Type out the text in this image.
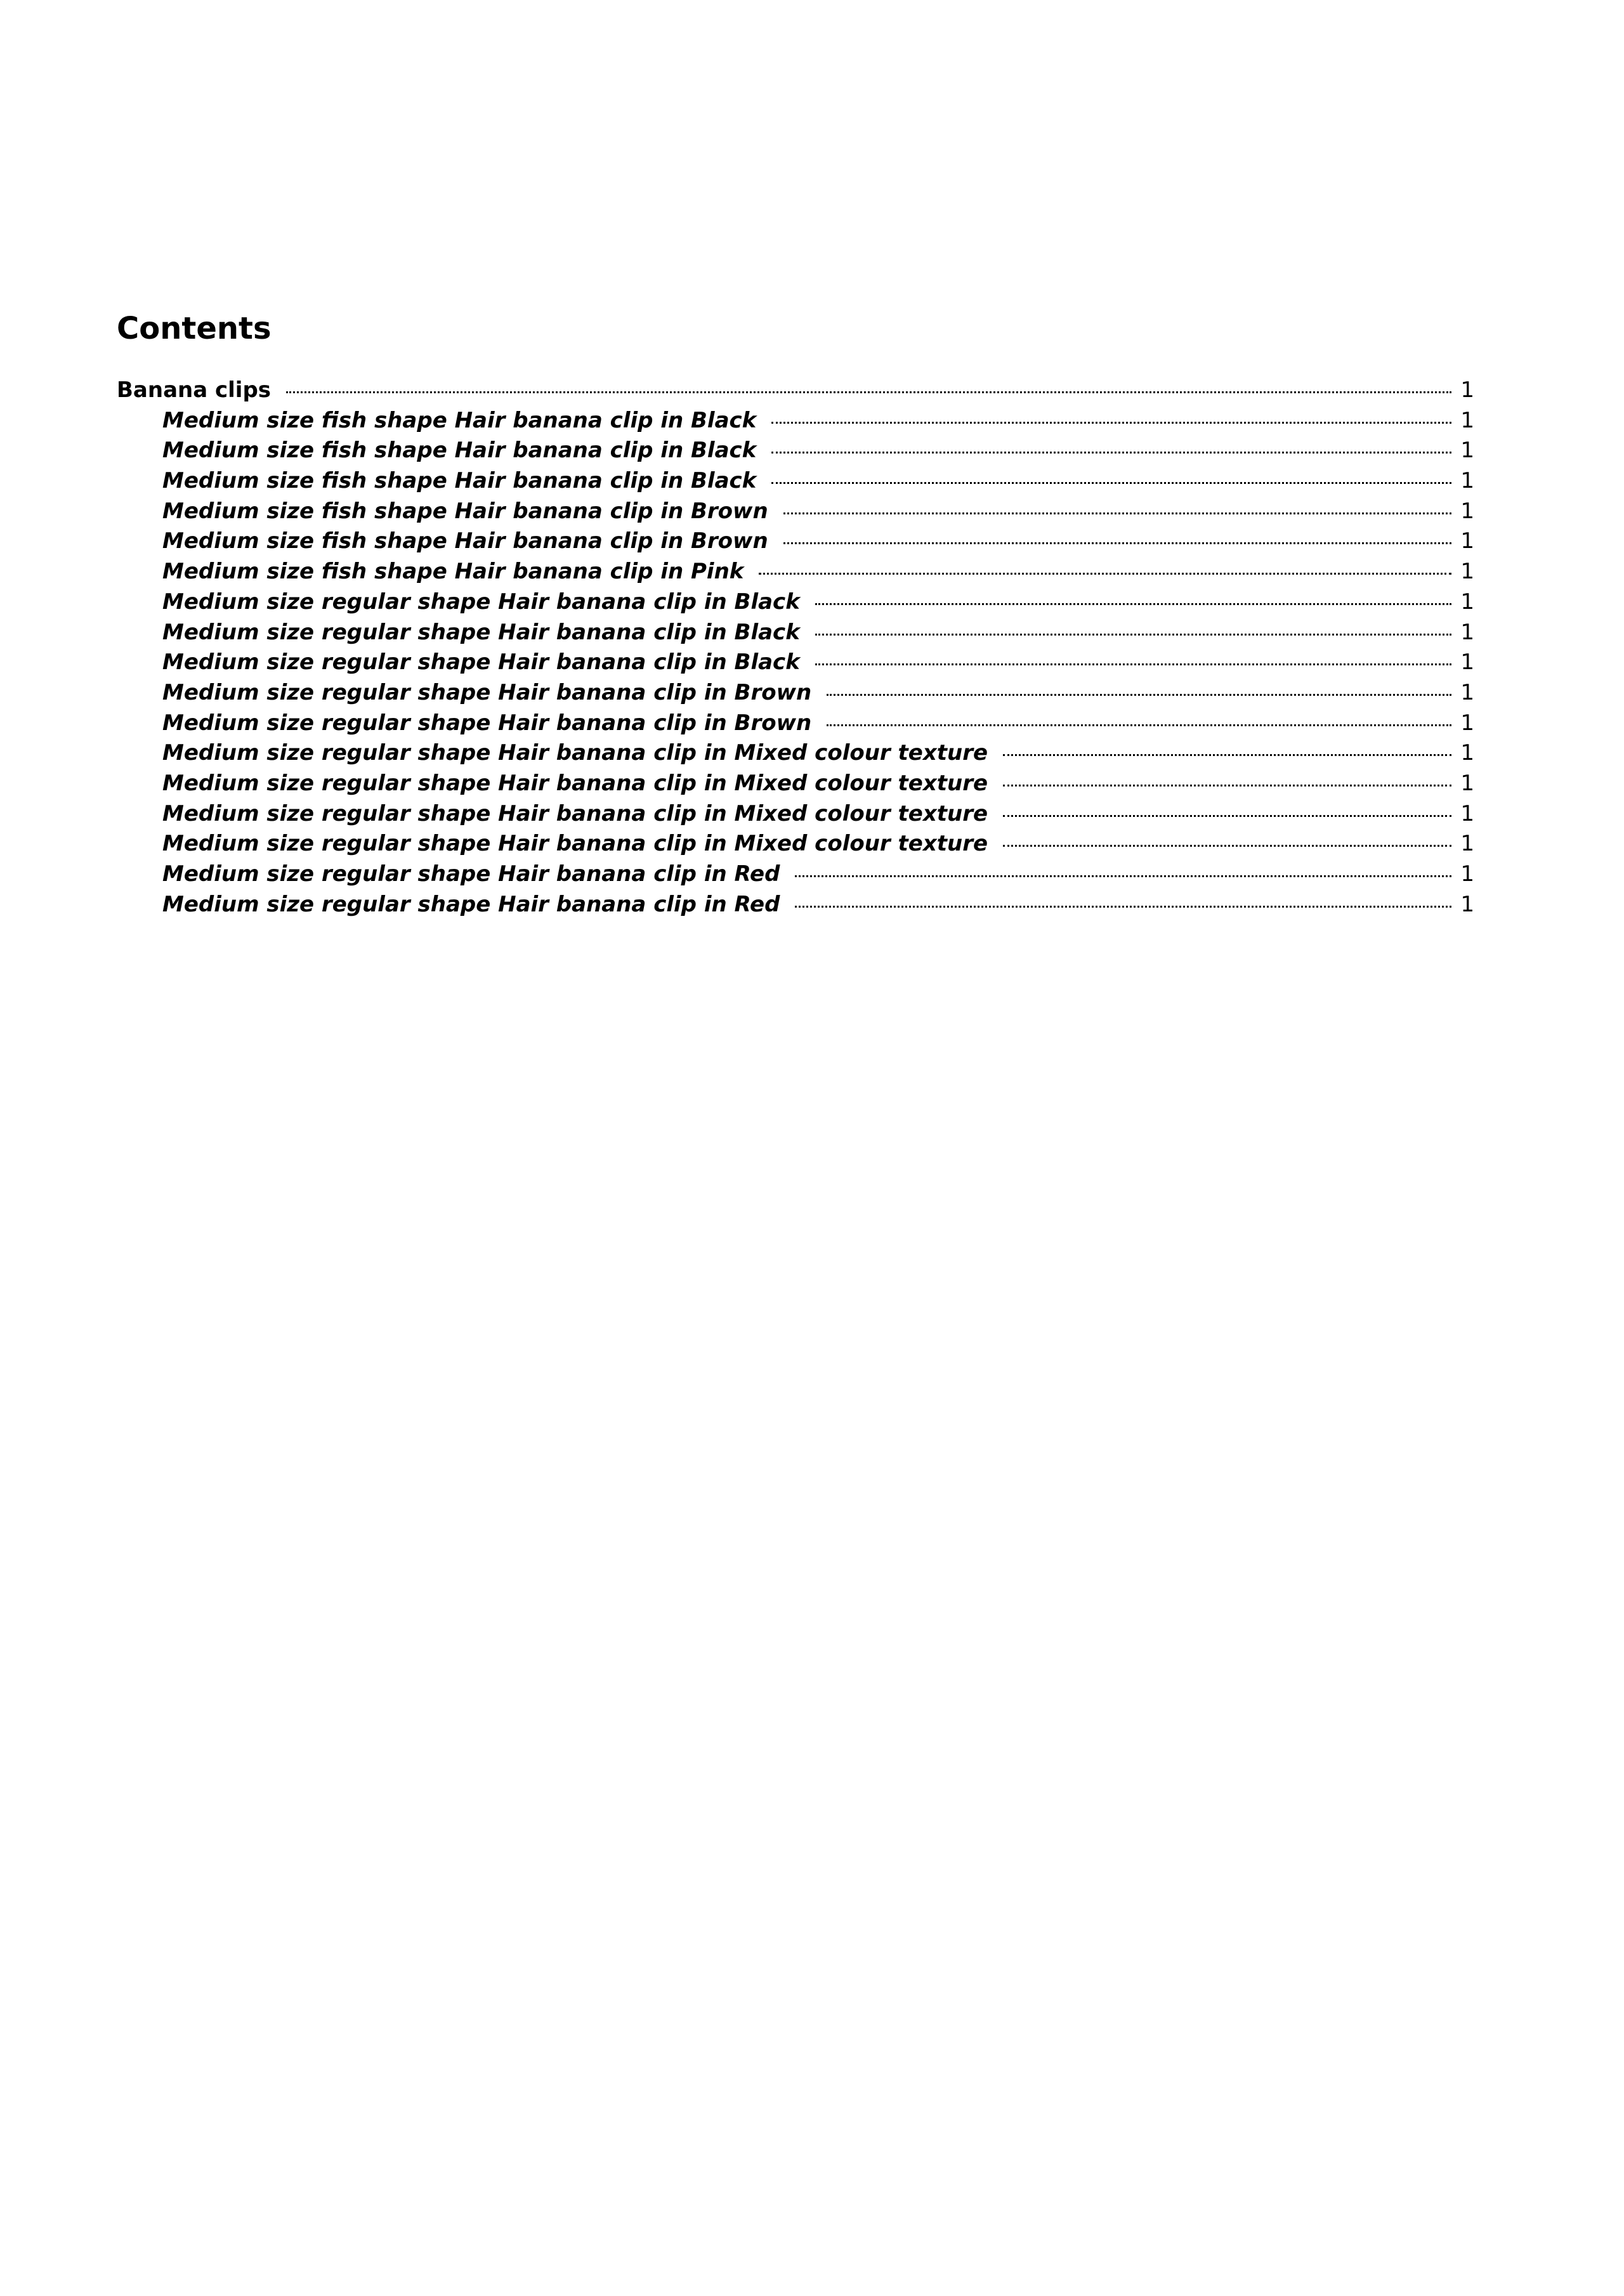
Contents
Banana clips	1
Medium size fish shape Hair banana clip in Black	1
Medium size fish shape Hair banana clip in Black	1
Medium size fish shape Hair banana clip in Black	1
Medium size fish shape Hair banana clip in Brown	1
Medium size fish shape Hair banana clip in Brown	1
Medium size fish shape Hair banana clip in Pink	1
Medium size regular shape Hair banana clip in Black	1
Medium size regular shape Hair banana clip in Black	1
Medium size regular shape Hair banana clip in Black	1
Medium size regular shape Hair banana clip in Brown	1
Medium size regular shape Hair banana clip in Brown	1
Medium size regular shape Hair banana clip in Mixed colour texture	1
Medium size regular shape Hair banana clip in Mixed colour texture	1
Medium size regular shape Hair banana clip in Mixed colour texture	1
Medium size regular shape Hair banana clip in Mixed colour texture	1
Medium size regular shape Hair banana clip in Red	1
Medium size regular shape Hair banana clip in Red	1
